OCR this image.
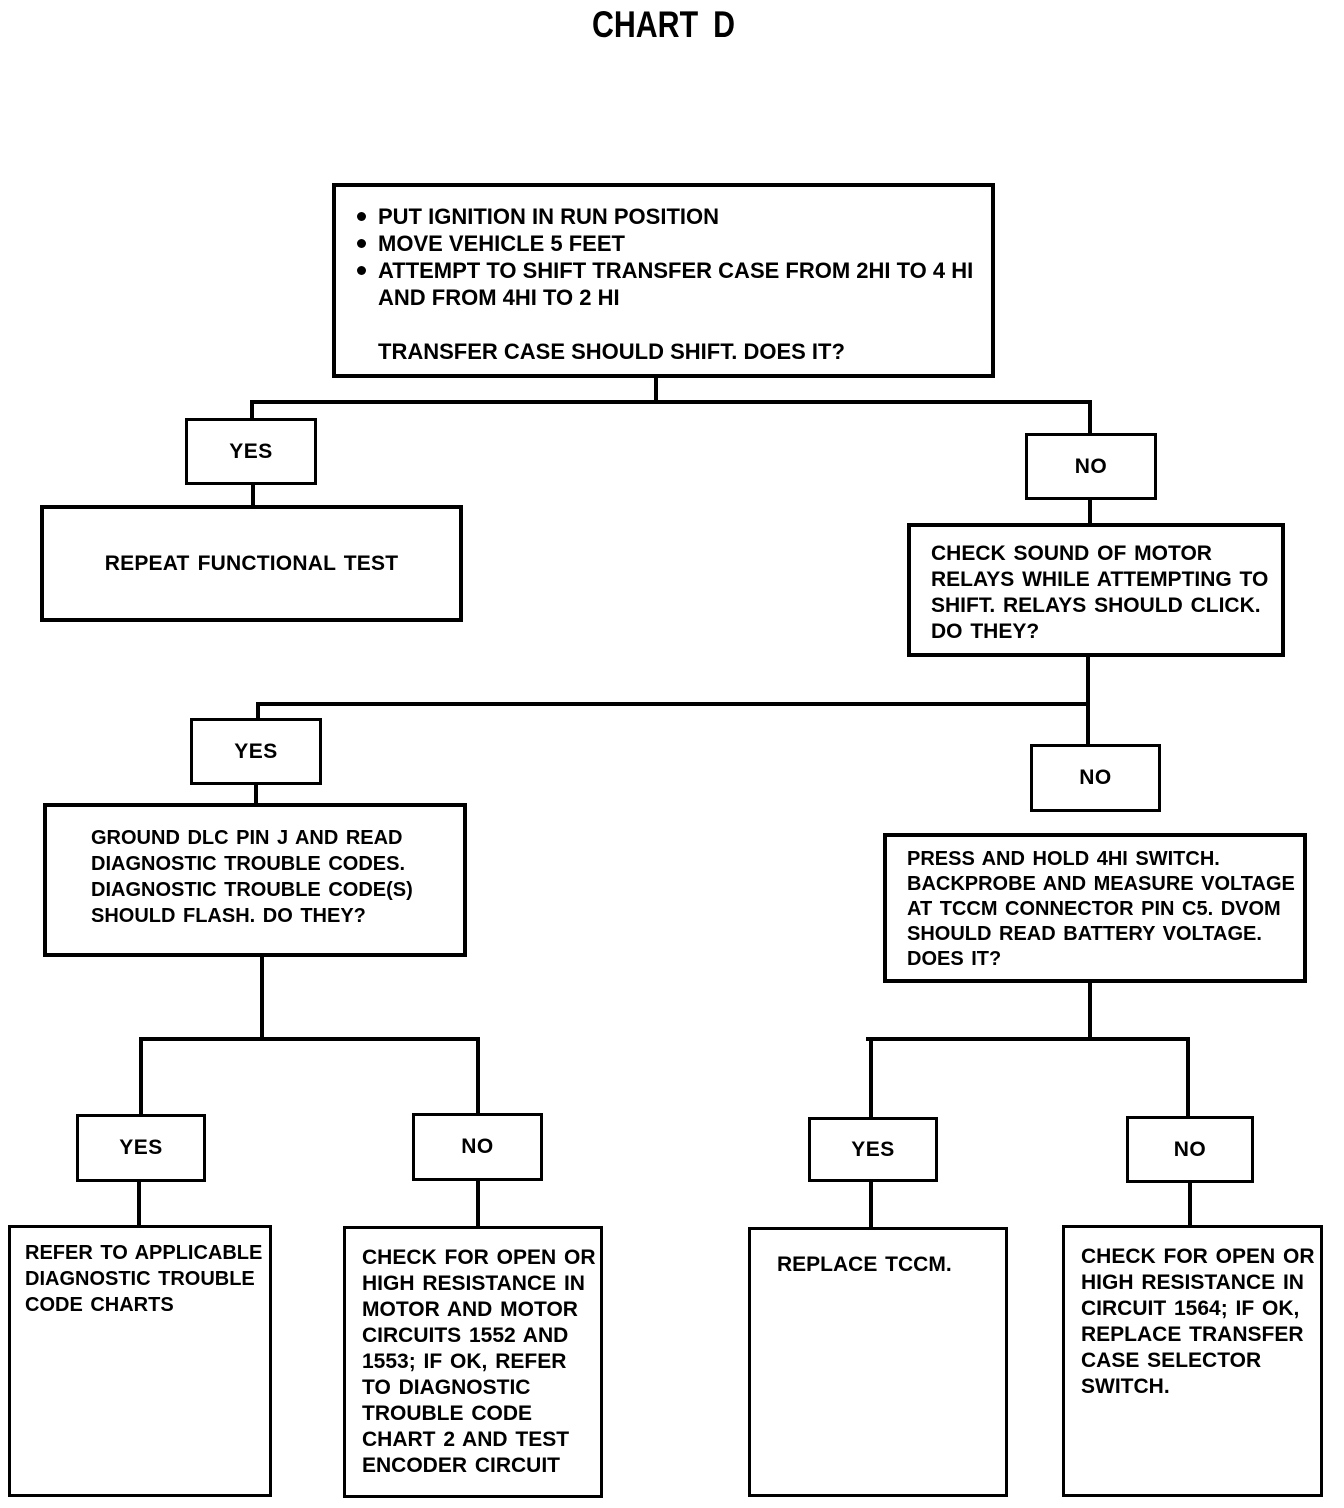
CHART D
PUT IGNITION IN RUN POSITION
MOVE VEHICLE 5 FEET
ATTEMPT TO SHIFT TRANSFER CASE FROM 2HI TO 4 HI AND FROM 4HI TO 2 HI
TRANSFER CASE SHOULD SHIFT. DOES IT?
YES
NO
REPEAT FUNCTIONAL TEST	CHECK SOUND OF MOTOR RELAYS WHILE ATTEMPTING TO SHIFT. RELAYS SHOULD CLICK. DO THEY?
YES
NO
GROUND DLC PIN J AND READ DIAGNOSTIC TROUBLE CODES. DIAGNOSTIC TROUBLE CODE(S) SHOULD FLASH. DO THEY?
PRESS AND HOLD 4HI SWITCH. BACKPROBE AND MEASURE VOLTAGE AT TCCM CONNECTOR PIN C5. DVOM SHOULD READ BATTERY VOLTAGE. DOES IT?
YES	NO	YES	NO
REFER TO APPLICABLE DIAGNOSTIC TROUBLE CODE CHARTS
CHECK FOR OPEN OR HIGH RESISTANCE IN MOTOR AND MOTOR CIRCUITS 1552 AND 1553; IF OK, REFER TO DIAGNOSTIC TROUBLE CODE CHART 2 AND TEST ENCODER CIRCUIT
REPLACE TCCM.	CHECK FOR OPEN OR HIGH RESISTANCE IN CIRCUIT 1564; IF OK, REPLACE TRANSFER CASE SELECTOR SWITCH.
